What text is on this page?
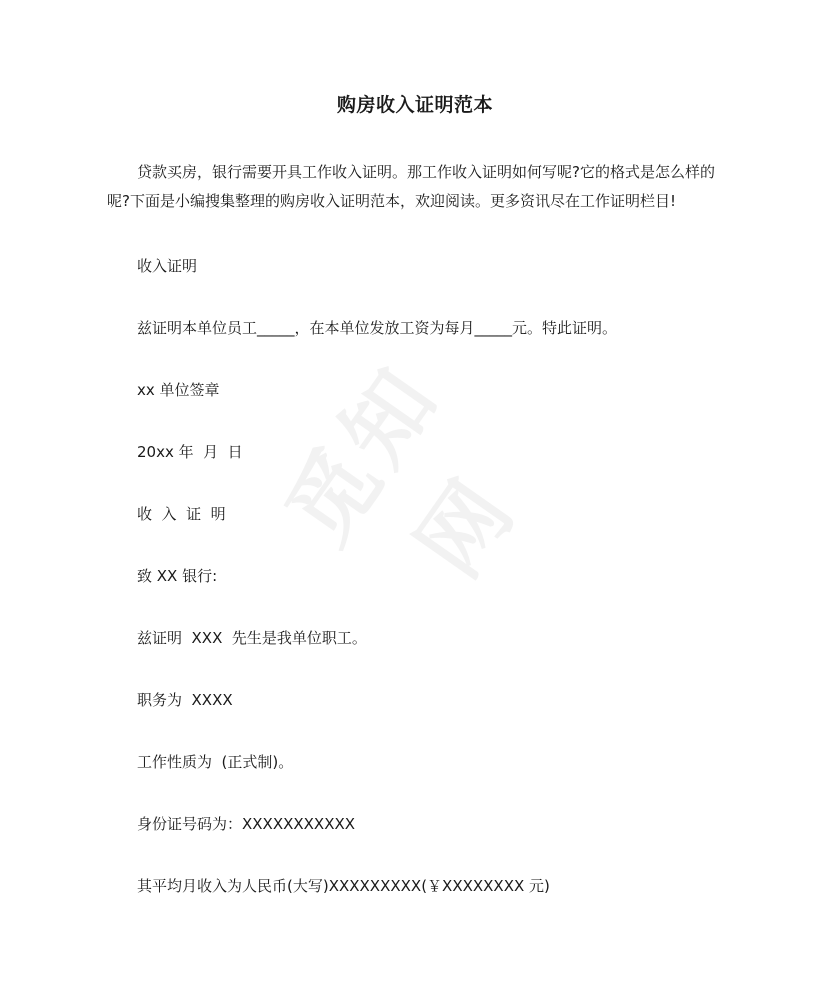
觅知网
购房收入证明范本

贷款买房，银行需要开具工作收入证明。那工作收入证明如何写呢?它的格式是怎么样的呢?下面是小编搜集整理的购房收入证明范本，欢迎阅读。更多资讯尽在工作证明栏目!

收入证明

兹证明本单位员工_____，在本单位发放工资为每月_____元。特此证明。

xx 单位签章

20xx 年  月  日

收  入  证  明

致 XX 银行:

兹证明  XXX  先生是我单位职工。

职务为  XXXX

工作性质为  (正式制)。

身份证号码为：XXXXXXXXXXX

其平均月收入为人民币(大写)XXXXXXXXX(￥XXXXXXXX 元)
